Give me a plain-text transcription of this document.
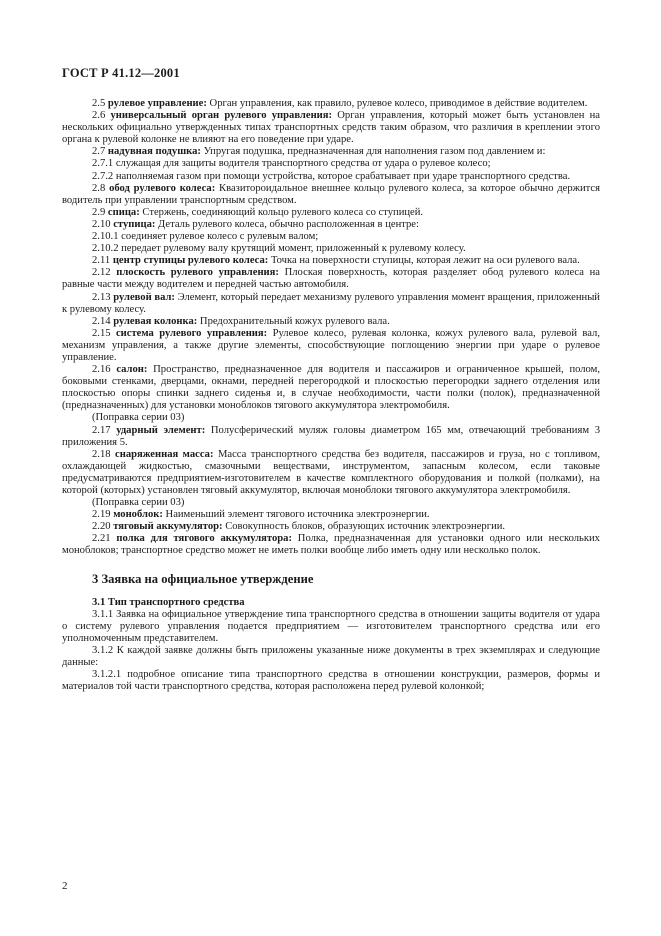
ГОСТ Р 41.12—2001

2.5 рулевое управление: Орган управления, как правило, рулевое колесо, приводимое в действие водителем.

2.6 универсальный орган рулевого управления: Орган управления, который может быть установлен на нескольких официально утвержденных типах транспортных средств таким образом, что различия в креплении этого органа к рулевой колонке не влияют на его поведение при ударе.

2.7 надувная подушка: Упругая подушка, предназначенная для наполнения газом под давлением и:

2.7.1 служащая для защиты водителя транспортного средства от удара о рулевое колесо;

2.7.2 наполняемая газом при помощи устройства, которое срабатывает при ударе транспортного средства.

2.8 обод рулевого колеса: Квазиторoидальное внешнее кольцо рулевого колеса, за которое обычно держится водитель при управлении транспортным средством.

2.9 спица: Стержень, соединяющий кольцо рулевого колеса со ступицей.

2.10 ступица: Деталь рулевого колеса, обычно расположенная в центре:

2.10.1 соединяет рулевое колесо с рулевым валом;

2.10.2 передает рулевому валу крутящий момент, приложенный к рулевому колесу.

2.11 центр ступицы рулевого колеса: Точка на поверхности ступицы, которая лежит на оси рулевого вала.

2.12 плоскость рулевого управления: Плоская поверхность, которая разделяет обод рулевого колеса на равные части между водителем и передней частью автомобиля.

2.13 рулевой вал: Элемент, который передает механизму рулевого управления момент вращения, приложенный к рулевому колесу.

2.14 рулевая колонка: Предохранительный кожух рулевого вала.

2.15 система рулевого управления: Рулевое колесо, рулевая колонка, кожух рулевого вала, рулевой вал, механизм управления, а также другие элементы, способствующие поглощению энергии при ударе о рулевое управление.

2.16 салон: Пространство, предназначенное для водителя и пассажиров и ограниченное крышей, полом, боковыми стенками, дверцами, окнами, передней перегородкой и плоскостью перегородки заднего отделения или плоскостью опоры спинки заднего сиденья и, в случае необходимости, части полки (полок), предназначенной (предназначенных) для установки моноблоков тягового аккумулятора электромобиля.

(Поправка серии 03)

2.17 ударный элемент: Полусферический муляж головы диаметром 165 мм, отвечающий требованиям 3 приложения 5.

2.18 снаряженная масса: Масса транспортного средства без водителя, пассажиров и груза, но с топливом, охлаждающей жидкостью, смазочными веществами, инструментом, запасным колесом, если таковые предусматриваются предприятием-изготовителем в качестве комплектного оборудования и полкой (полками), на которой (которых) установлен тяговый аккумулятор, включая моноблоки тягового аккумулятора электромобиля.

(Поправка серии 03)

2.19 моноблок: Наименьший элемент тягового источника электроэнергии.

2.20 тяговый аккумулятор: Совокупность блоков, образующих источник электроэнергии.

2.21 полка для тягового аккумулятора: Полка, предназначенная для установки одного или нескольких моноблоков; транспортное средство может не иметь полки вообще либо иметь одну или несколько полок.

3 Заявка на официальное утверждение

3.1 Тип транспортного средства

3.1.1 Заявка на официальное утверждение типа транспортного средства в отношении защиты водителя от удара о систему рулевого управления подается предприятием — изготовителем транспортного средства или его уполномоченным представителем.

3.1.2 К каждой заявке должны быть приложены указанные ниже документы в трех экземплярах и следующие данные:

3.1.2.1 подробное описание типа транспортного средства в отношении конструкции, размеров, формы и материалов той части транспортного средства, которая расположена перед рулевой колонкой;

2
